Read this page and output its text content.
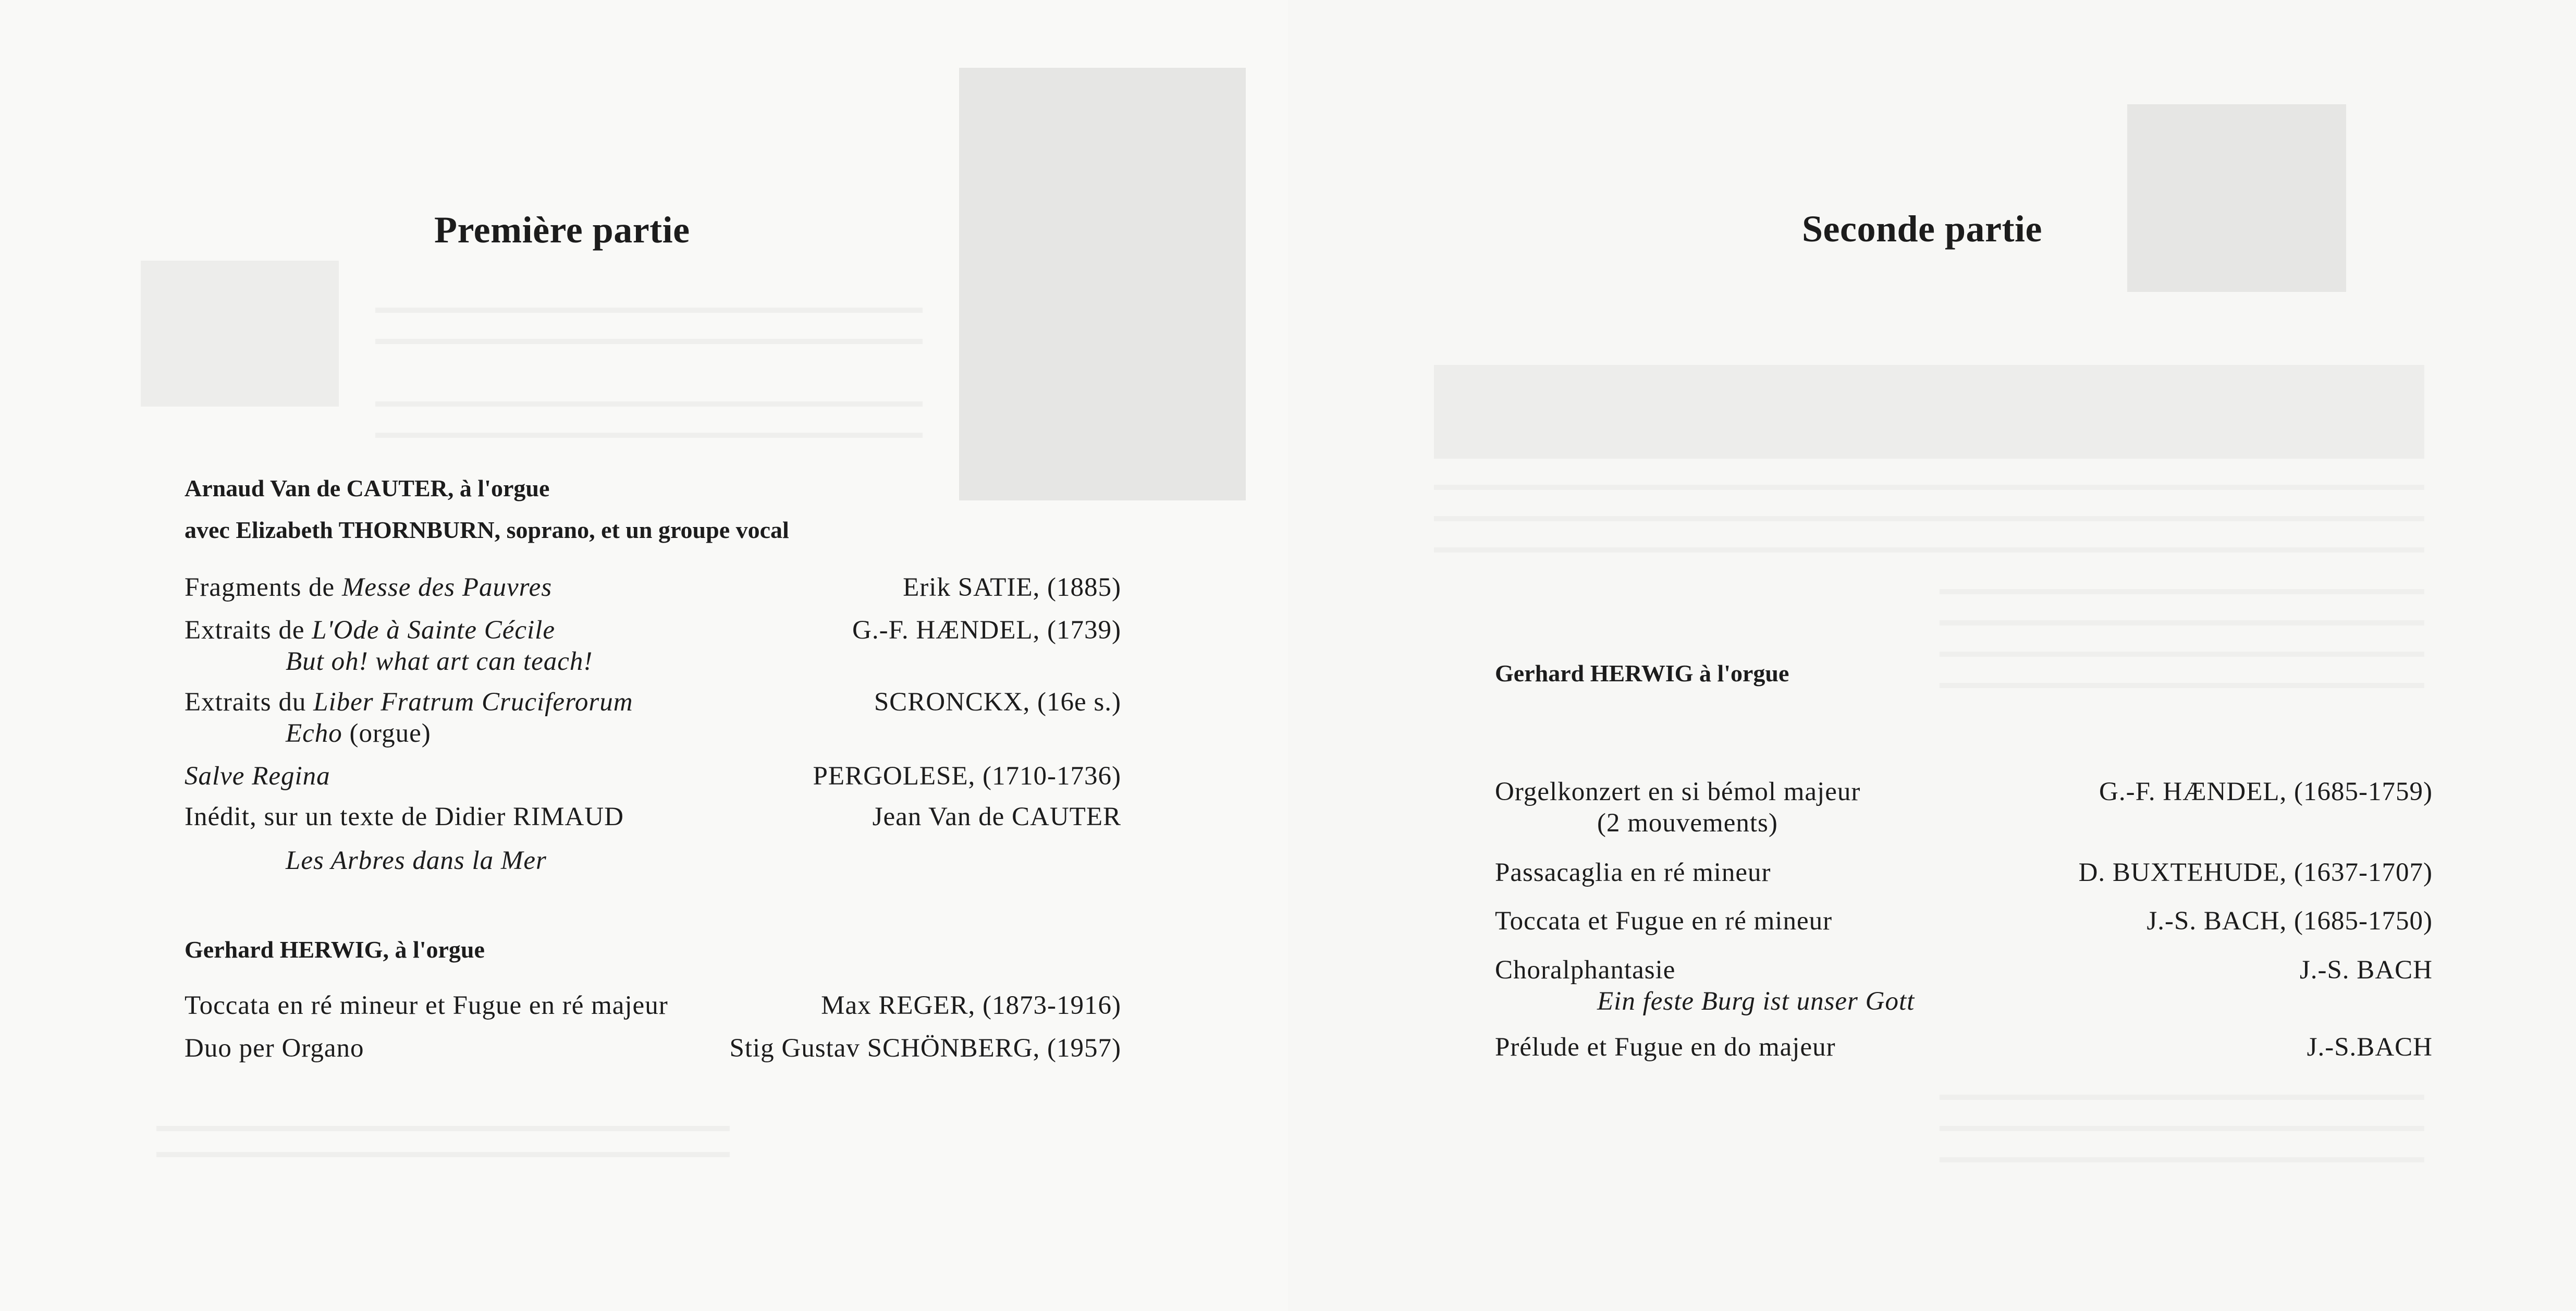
Première partie
Arnaud Van de CAUTER, à l'orgue
avec Elizabeth THORNBURN, soprano, et un groupe vocal
Fragments de Messe des Pauvres	Erik SATIE, (1885)
Extraits de L'Ode à Sainte Cécile	G.-F. HÆNDEL, (1739)
But oh! what art can teach!
Extraits du Liber Fratrum Cruciferorum	SCRONCKX, (16e s.)
Echo (orgue)
Salve Regina	PERGOLESE, (1710-1736)
Inédit, sur un texte de Didier RIMAUD	Jean Van de CAUTER
Les Arbres dans la Mer
Gerhard HERWIG, à l'orgue
Toccata en ré mineur et Fugue en ré majeur	Max REGER, (1873-1916)
Duo per Organo	Stig Gustav SCHÖNBERG, (1957)
Seconde partie
Gerhard HERWIG à l'orgue
Orgelkonzert en si bémol majeur	G.-F. HÆNDEL, (1685-1759)
(2 mouvements)
Passacaglia en ré mineur	D. BUXTEHUDE, (1637-1707)
Toccata et Fugue en ré mineur	J.-S. BACH, (1685-1750)
Choralphantasie	J.-S. BACH
Ein feste Burg ist unser Gott
Prélude et Fugue en do majeur	J.-S.BACH
